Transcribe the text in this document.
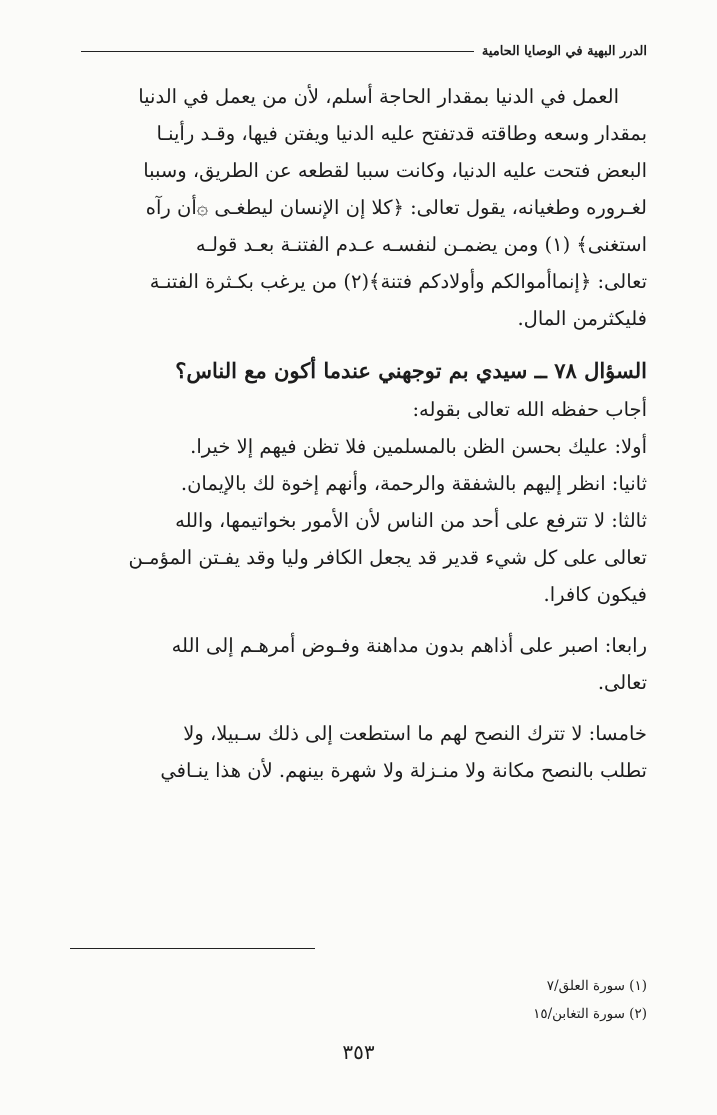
الدرر البهية في الوصايا الحامية

العمل في الدنيا بمقدار الحاجة أسلم، لأن من يعمل في الدنيا

بمقدار وسعه وطاقته قدتفتح عليه الدنيا ويفتن فيها، وقـد رأينـا

البعض فتحت عليه الدنيا، وكانت سببا لقطعه عن الطريق، وسببا

لغـروره وطغيانه، يقول تعالى: ﴿كلا إن الإنسان ليطغـى ۞أن رآه

استغنى﴾ (١) ومن يضمـن لنفسـه عـدم الفتنـة بعـد قولـه

تعالى: ﴿إنماأموالكم وأولادكم فتنة﴾(٢) من يرغب بكـثرة الفتنـة

فليكثرمن المال.

السؤال ٧٨ ــ سيدي بم توجهني عندما أكون مع الناس؟

أجاب حفظه الله تعالى بقوله:

أولا: عليك بحسن الظن بالمسلمين فلا تظن فيهم إلا خيرا.

ثانيا: انظر إليهم بالشفقة والرحمة، وأنهم إخوة لك بالإيمان.

ثالثا: لا تترفع على أحد من الناس لأن الأمور بخواتيمها، والله

تعالى على كل شيء قدير قد يجعل الكافر وليا وقد يفـتن المؤمـن

فيكون كافرا.

رابعا: اصبر على أذاهم بدون مداهنة وفـوض أمرهـم إلى الله

تعالى.

خامسا: لا تترك النصح لهم ما استطعت إلى ذلك سـبيلا، ولا

تطلب بالنصح مكانة ولا منـزلة ولا شهرة بينهم. لأن هذا ينـافي

(١) سورة العلق/٧

(٢) سورة التغابن/١٥

٣٥٣
